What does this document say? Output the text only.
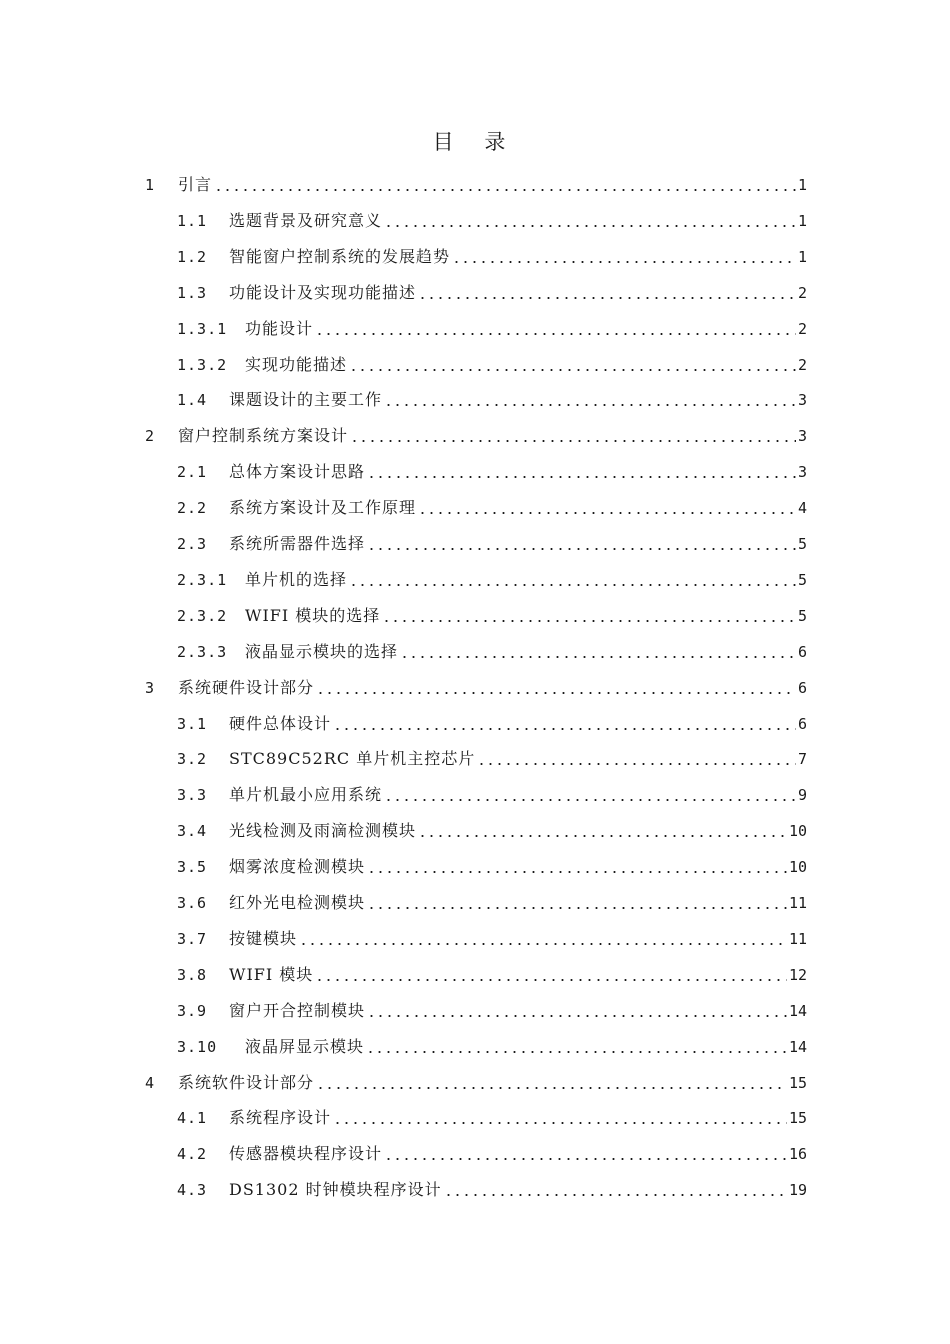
目 录
1	引言	1
1.1	选题背景及研究意义	1
1.2	智能窗户控制系统的发展趋势	1
1.3	功能设计及实现功能描述	2
1.3.1	功能设计	2
1.3.2	实现功能描述	2
1.4	课题设计的主要工作	3
2	窗户控制系统方案设计	3
2.1	总体方案设计思路	3
2.2	系统方案设计及工作原理	4
2.3	系统所需器件选择	5
2.3.1	单片机的选择	5
2.3.2	WIFI 模块的选择	5
2.3.3	液晶显示模块的选择	6
3	系统硬件设计部分	6
3.1	硬件总体设计	6
3.2	STC89C52RC 单片机主控芯片	7
3.3	单片机最小应用系统	9
3.4	光线检测及雨滴检测模块	10
3.5	烟雾浓度检测模块	10
3.6	红外光电检测模块	11
3.7	按键模块	11
3.8	WIFI 模块	12
3.9	窗户开合控制模块	14
3.10	液晶屏显示模块	14
4	系统软件设计部分	15
4.1	系统程序设计	15
4.2	传感器模块程序设计	16
4.3	DS1302 时钟模块程序设计	19
